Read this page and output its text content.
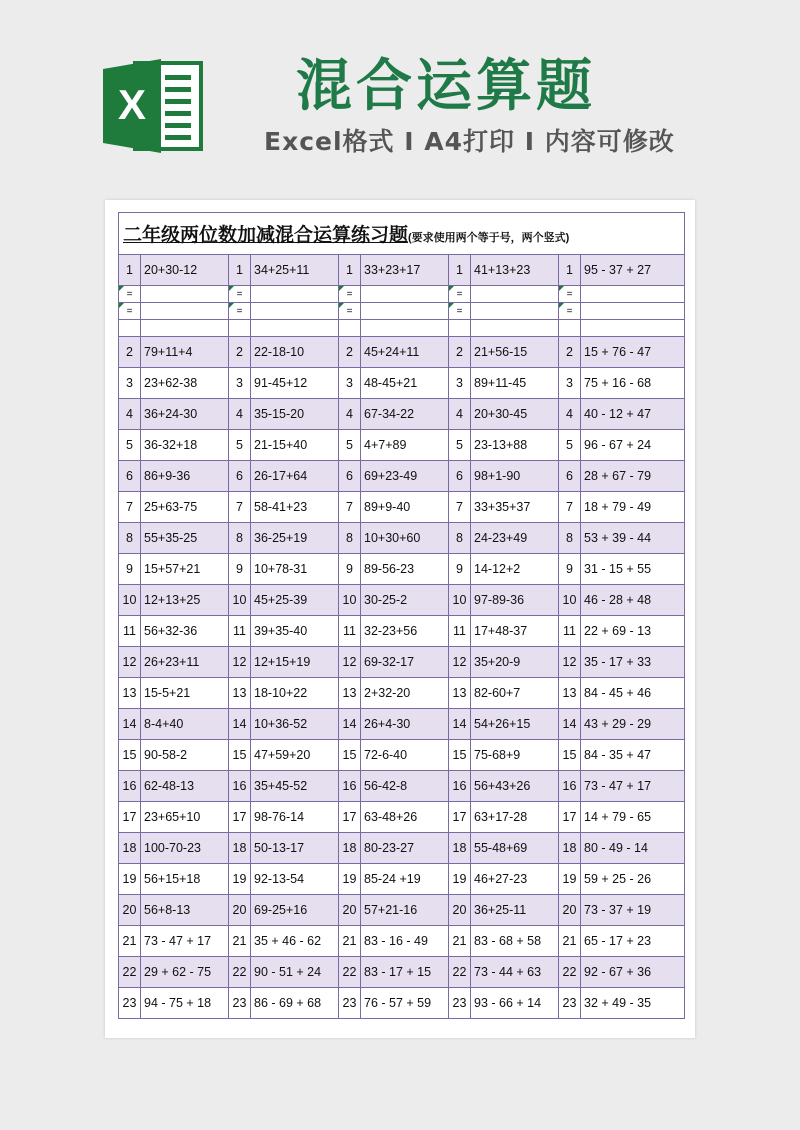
X	混合运算题
Excel格式 I A4打印 I 内容可修改
二年级两位数加减混合运算练习题(要求使用两个等于号，两个竖式)									
1	20+30-12	1	34+25+11	1	33+23+17	1	41+13+23	1	95 - 37 + 27

=		=		=		=		=	

=		=		=		=		=	

2	79+11+4	2	22-18-10	2	45+24+11	2	21+56-15	2	15 + 76 - 47
3	23+62-38	3	91-45+12	3	48-45+21	3	89+11-45	3	75 + 16 - 68
4	36+24-30	4	35-15-20	4	67-34-22	4	20+30-45	4	40 - 12 + 47
5	36-32+18	5	21-15+40	5	4+7+89	5	23-13+88	5	96 - 67 + 24
6	86+9-36	6	26-17+64	6	69+23-49	6	98+1-90	6	28 + 67 - 79
7	25+63-75	7	58-41+23	7	89+9-40	7	33+35+37	7	18 + 79 - 49
8	55+35-25	8	36-25+19	8	10+30+60	8	24-23+49	8	53 + 39 - 44
9	15+57+21	9	10+78-31	9	89-56-23	9	14-12+2	9	31 - 15 + 55
10	12+13+25	10	45+25-39	10	30-25-2	10	97-89-36	10	46 - 28 + 48
11	56+32-36	11	39+35-40	11	32-23+56	11	17+48-37	11	22 + 69 - 13
12	26+23+11	12	12+15+19	12	69-32-17	12	35+20-9	12	35 - 17 + 33
13	15-5+21	13	18-10+22	13	2+32-20	13	82-60+7	13	84 - 45 + 46
14	8-4+40	14	10+36-52	14	26+4-30	14	54+26+15	14	43 + 29 - 29
15	90-58-2	15	47+59+20	15	72-6-40	15	75-68+9	15	84 - 35 + 47
16	62-48-13	16	35+45-52	16	56-42-8	16	56+43+26	16	73 - 47 + 17
17	23+65+10	17	98-76-14	17	63-48+26	17	63+17-28	17	14 + 79 - 65
18	100-70-23	18	50-13-17	18	80-23-27	18	55-48+69	18	80 - 49 - 14
19	56+15+18	19	92-13-54	19	85-24 +19	19	46+27-23	19	59 + 25 - 26
20	56+8-13	20	69-25+16	20	57+21-16	20	36+25-11	20	73 - 37 + 19
21	73 - 47 + 17	21	35 + 46 - 62	21	83 - 16 - 49	21	83 - 68 + 58	21	65 - 17 + 23
22	29 + 62 - 75	22	90 - 51 + 24	22	83 - 17 + 15	22	73 - 44 + 63	22	92 - 67 + 36
23	94 - 75 + 18	23	86 - 69 + 68	23	76 - 57 + 59	23	93 - 66 + 14	23	32 + 49 - 35
